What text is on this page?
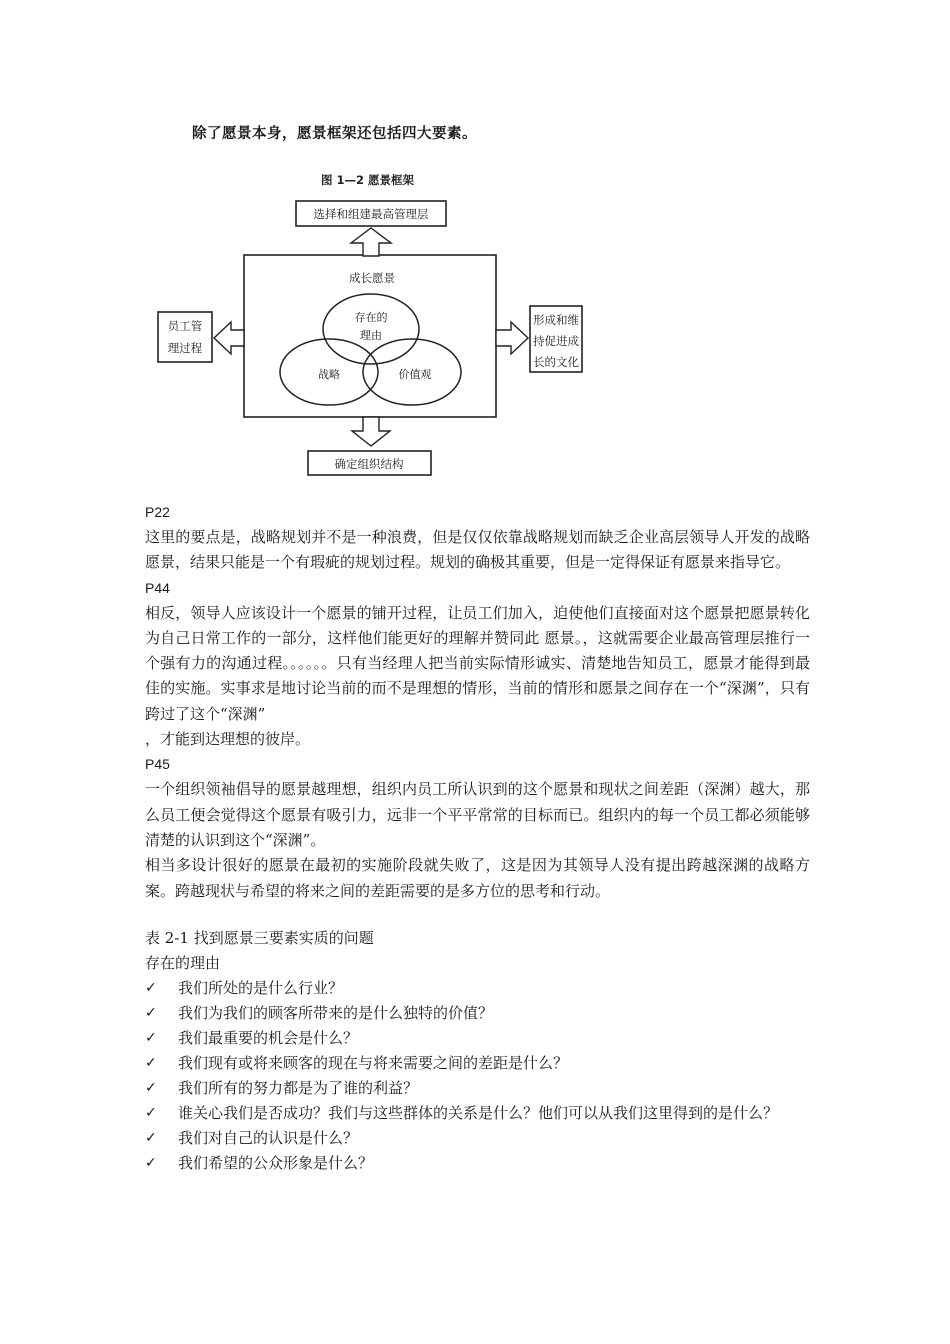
除了愿景本身，愿景框架还包括四大要素。
图 1—2 愿景框架
选择和组建最高管理层
确定组织结构
员工管
理过程
形成和维
持促进成
长的文化
成长愿景
存在的
理由
战略	价值观
P22

这里的要点是，战略规划并不是一种浪费，但是仅仅依靠战略规划而缺乏企业高层领导人开发的战略愿景，结果只能是一个有瑕疵的规划过程。规划的确极其重要，但是一定得保证有愿景来指导它。

P44

相反，领导人应该设计一个愿景的铺开过程，让员工们加入，迫使他们直接面对这个愿景把愿景转化为自己日常工作的一部分，这样他们能更好的理解并赞同此 愿景。，这就需要企业最高管理层推行一个强有力的沟通过程。。。。。。只有当经理人把当前实际情形诚实、清楚地告知员工，愿景才能得到最佳的实施。实事求是地讨论当前的而不是理想的情形，当前的情形和愿景之间存在一个“深渊”，只有跨过了这个“深渊”

，才能到达理想的彼岸。

P45

一个组织领袖倡导的愿景越理想，组织内员工所认识到的这个愿景和现状之间差距（深渊）越大，那么员工便会觉得这个愿景有吸引力，远非一个平平常常的目标而已。组织内的每一个员工都必须能够清楚的认识到这个“深渊”。

相当多设计很好的愿景在最初的实施阶段就失败了，这是因为其领导人没有提出跨越深渊的战略方案。跨越现状与希望的将来之间的差距需要的是多方位的思考和行动。

表 2-1 找到愿景三要素实质的问题

存在的理由

✓ 我们所处的是什么行业？
✓ 我们为我们的顾客所带来的是什么独特的价值？
✓ 我们最重要的机会是什么？
✓ 我们现有或将来顾客的现在与将来需要之间的差距是什么？
✓ 我们所有的努力都是为了谁的利益？
✓ 谁关心我们是否成功？我们与这些群体的关系是什么？他们可以从我们这里得到的是什么？
✓ 我们对自己的认识是什么？
✓ 我们希望的公众形象是什么？
